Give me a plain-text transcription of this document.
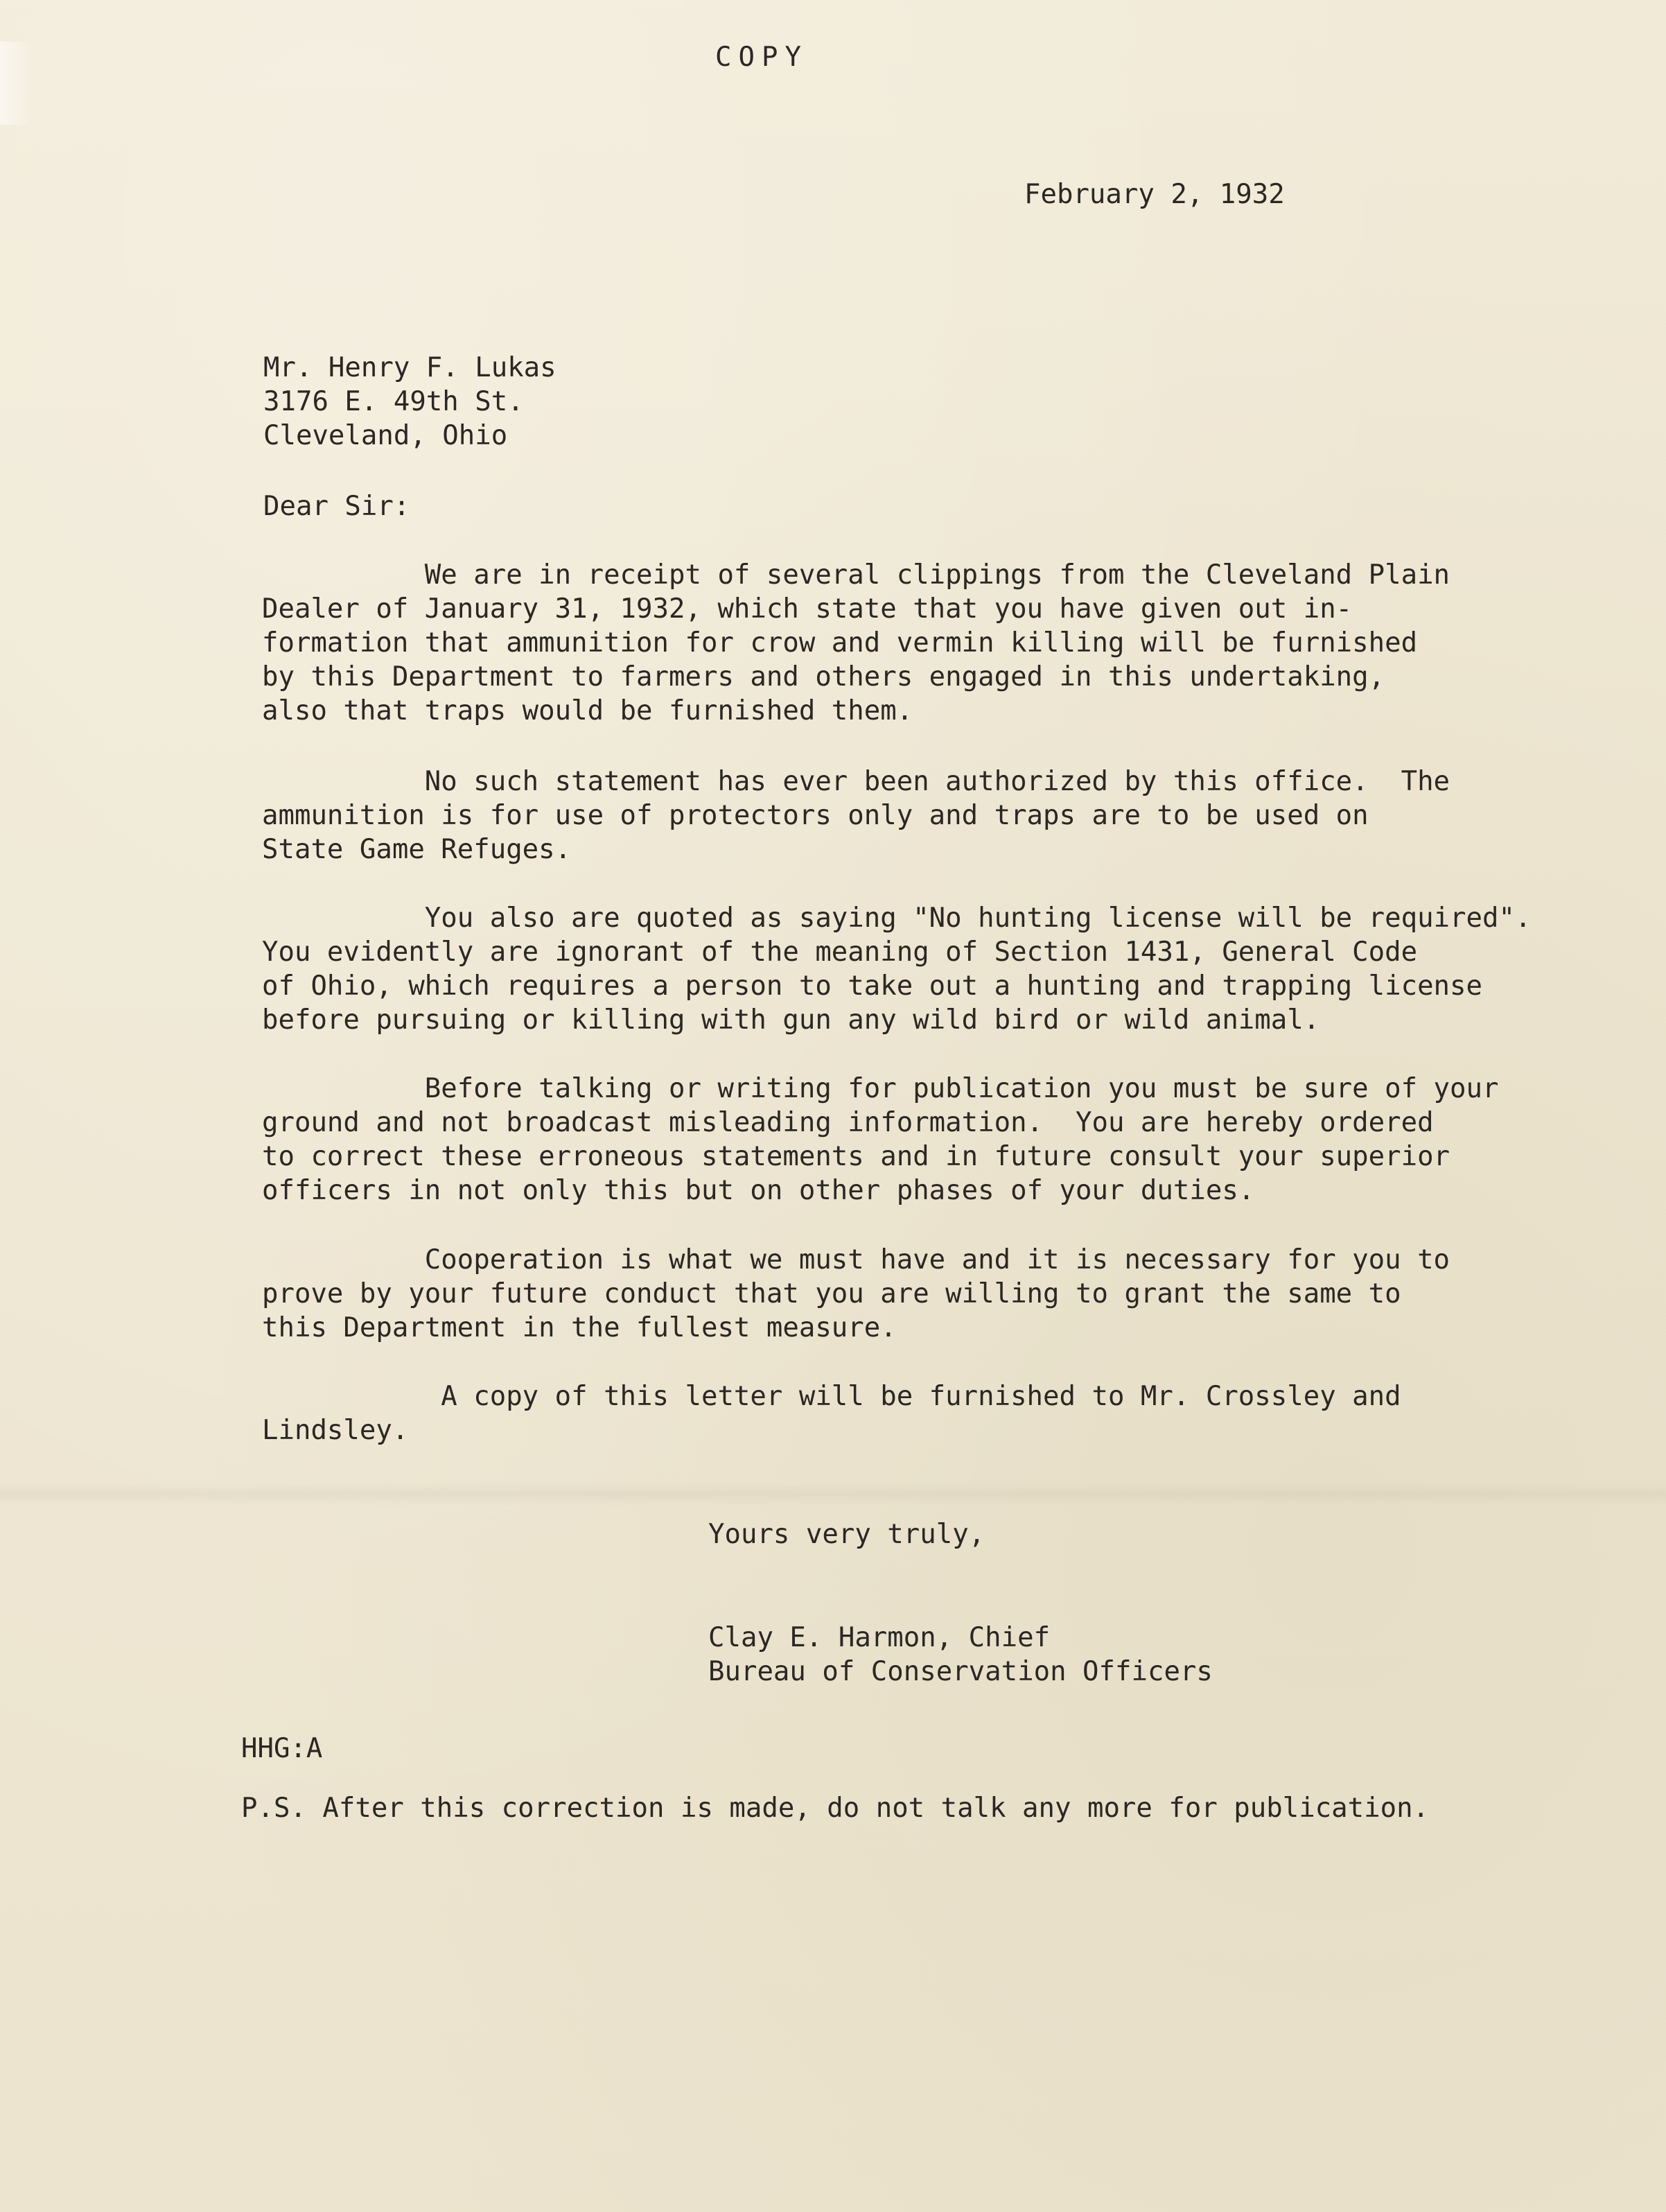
COPY

February 2, 1932

Mr. Henry F. Lukas

3176 E. 49th St.

Cleveland, Ohio

Dear Sir:

We are in receipt of several clippings from the Cleveland Plain
Dealer of January 31, 1932, which state that you have given out in-
formation that ammunition for crow and vermin killing will be furnished
by this Department to farmers and others engaged in this undertaking,
also that traps would be furnished them.

No such statement has ever been authorized by this office.  The
ammunition is for use of protectors only and traps are to be used on
State Game Refuges.

You also are quoted as saying "No hunting license will be required".
You evidently are ignorant of the meaning of Section 1431, General Code
of Ohio, which requires a person to take out a hunting and trapping license
before pursuing or killing with gun any wild bird or wild animal.

Before talking or writing for publication you must be sure of your
ground and not broadcast misleading information.  You are hereby ordered
to correct these erroneous statements and in future consult your superior
officers in not only this but on other phases of your duties.

Cooperation is what we must have and it is necessary for you to
prove by your future conduct that you are willing to grant the same to
this Department in the fullest measure.

A copy of this letter will be furnished to Mr. Crossley and
Lindsley.

Yours very truly,

Clay E. Harmon, Chief

Bureau of Conservation Officers

HHG:A

P.S. After this correction is made, do not talk any more for publication.
